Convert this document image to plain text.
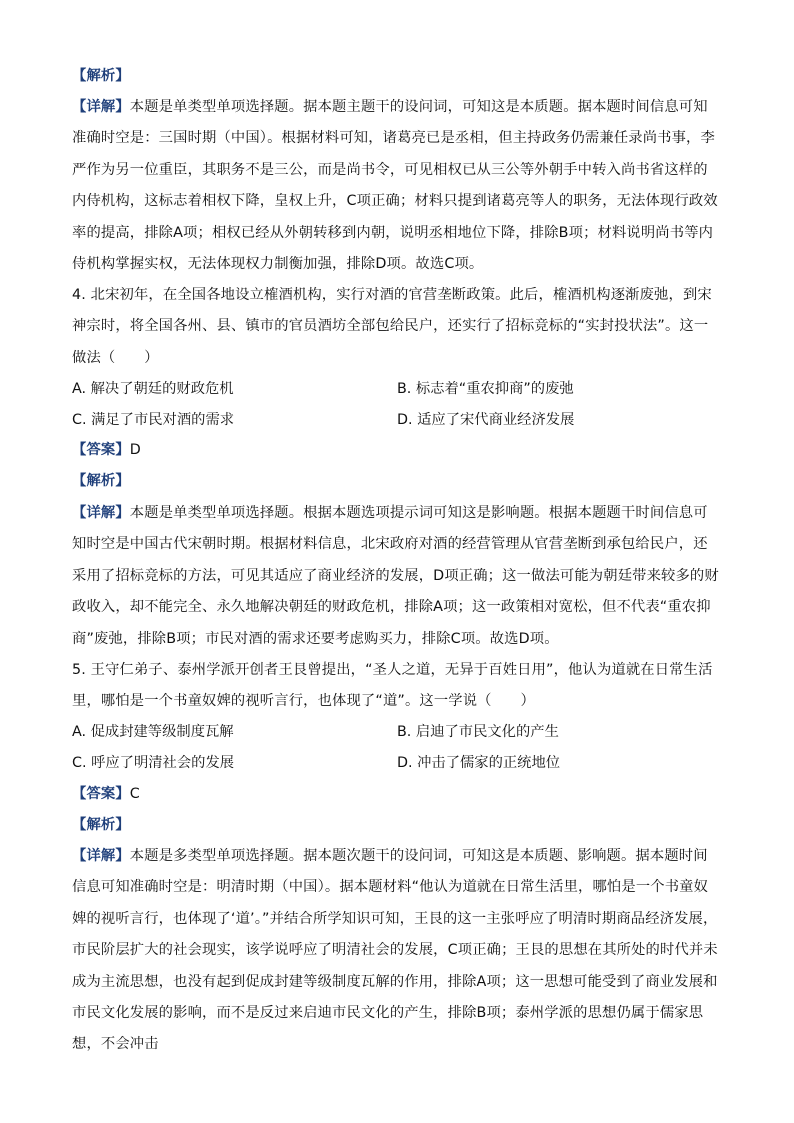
【解析】

【详解】本题是单类型单项选择题。据本题主题干的设问词，可知这是本质题。据本题时间信息可知准确时空是：三国时期（中国）。根据材料可知，诸葛亮已是丞相，但主持政务仍需兼任录尚书事，李严作为另一位重臣，其职务不是三公，而是尚书令，可见相权已从三公等外朝手中转入尚书省这样的内侍机构，这标志着相权下降，皇权上升，C项正确；材料只提到诸葛亮等人的职务，无法体现行政效率的提高，排除A项；相权已经从外朝转移到内朝，说明丞相地位下降，排除B项；材料说明尚书等内侍机构掌握实权，无法体现权力制衡加强，排除D项。故选C项。

4. 北宋初年，在全国各地设立榷酒机构，实行对酒的官营垄断政策。此后，榷酒机构逐渐废弛，到宋神宗时，将全国各州、县、镇市的官员酒坊全部包给民户，还实行了招标竞标的“实封投状法”。这一做法（　　）

A. 解决了朝廷的财政危机	B. 标志着“重农抑商”的废弛
C. 满足了市民对酒的需求	D. 适应了宋代商业经济发展

【答案】D

【解析】

【详解】本题是单类型单项选择题。根据本题选项提示词可知这是影响题。根据本题题干时间信息可知时空是中国古代宋朝时期。根据材料信息，北宋政府对酒的经营管理从官营垄断到承包给民户，还采用了招标竞标的方法，可见其适应了商业经济的发展，D项正确；这一做法可能为朝廷带来较多的财政收入，却不能完全、永久地解决朝廷的财政危机，排除A项；这一政策相对宽松，但不代表“重农抑商”废弛，排除B项；市民对酒的需求还要考虑购买力，排除C项。故选D项。

5. 王守仁弟子、泰州学派开创者王艮曾提出，“圣人之道，无异于百姓日用”，他认为道就在日常生活里，哪怕是一个书童奴婢的视听言行，也体现了“道”。这一学说（　　）

A. 促成封建等级制度瓦解	B. 启迪了市民文化的产生
C. 呼应了明清社会的发展	D. 冲击了儒家的正统地位

【答案】C

【解析】

【详解】本题是多类型单项选择题。据本题次题干的设问词，可知这是本质题、影响题。据本题时间信息可知准确时空是：明清时期（中国）。据本题材料“他认为道就在日常生活里，哪怕是一个书童奴婢的视听言行，也体现了‘道’。”并结合所学知识可知，王艮的这一主张呼应了明清时期商品经济发展，市民阶层扩大的社会现实，该学说呼应了明清社会的发展，C项正确；王艮的思想在其所处的时代并未成为主流思想，也没有起到促成封建等级制度瓦解的作用，排除A项；这一思想可能受到了商业发展和市民文化发展的影响，而不是反过来启迪市民文化的产生，排除B项；泰州学派的思想仍属于儒家思想，不会冲击
